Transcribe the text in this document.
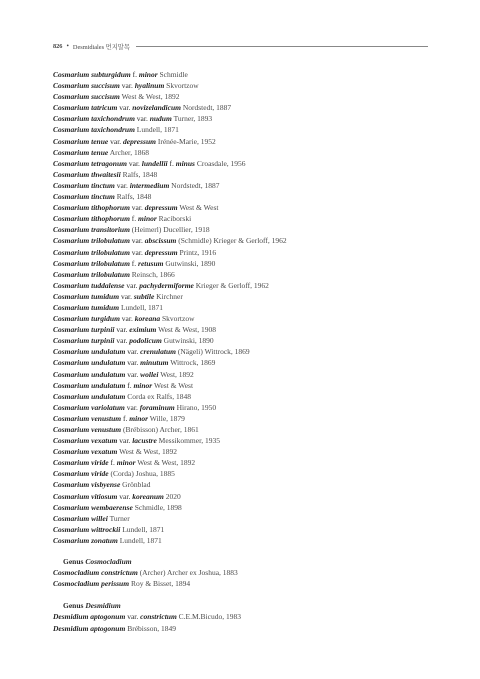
826 • Desmidiales 먼지말목
Cosmarium subturgidum f. minor Schmidle
Cosmarium succisum var. hyalinum Skvortzow
Cosmarium succisum West & West, 1892
Cosmarium tatricum var. novizelandicum Nordstedt, 1887
Cosmarium taxichondrum var. nudum Turner, 1893
Cosmarium taxichondrum Lundell, 1871
Cosmarium tenue var. depressum Irénée-Marie, 1952
Cosmarium tenue Archer, 1868
Cosmarium tetragonum var. lundellii f. minus Croasdale, 1956
Cosmarium thwaitesii Ralfs, 1848
Cosmarium tinctum var. intermedium Nordstedt, 1887
Cosmarium tinctum Ralfs, 1848
Cosmarium tithophorum var. depressum West & West
Cosmarium tithophorum f. minor Raciborski
Cosmarium transitorium (Heimerl) Ducellier, 1918
Cosmarium trilobulatum var. abscissum (Schmidle) Krieger & Gerloff, 1962
Cosmarium trilobulatum var. depressum Printz, 1916
Cosmarium trilobulatum f. retusum Gutwinski, 1890
Cosmarium trilobulatum Reinsch, 1866
Cosmarium tuddalense var. pachydermiforme Krieger & Gerloff, 1962
Cosmarium tumidum var. subtile Kirchner
Cosmarium tumidum Lundell, 1871
Cosmarium turgidum var. koreana Skvortzow
Cosmarium turpinii var. eximium West & West, 1908
Cosmarium turpinii var. podolicum Gutwinski, 1890
Cosmarium undulatum var. crenulatum (Nägeli) Wittrock, 1869
Cosmarium undulatum var. minutum Wittrock, 1869
Cosmarium undulatum var. wollei West, 1892
Cosmarium undulatum f. minor West & West
Cosmarium undulatum Corda ex Ralfs, 1848
Cosmarium variolatum var. foraminum Hirano, 1950
Cosmarium venustum f. minor Wille, 1879
Cosmarium venustum (Brébisson) Archer, 1861
Cosmarium vexatum var. lacustre Messikommer, 1935
Cosmarium vexatum West & West, 1892
Cosmarium viride f. minor West & West, 1892
Cosmarium viride (Corda) Joshua, 1885
Cosmarium visbyense Grönblad
Cosmarium vitiosum var. koreanum 2020
Cosmarium wembaerense Schmidle, 1898
Cosmarium willei Turner
Cosmarium wittrockii Lundell, 1871
Cosmarium zonatum Lundell, 1871
Genus Cosmocladium
Cosmocladium constrictum (Archer) Archer ex Joshua, 1883
Cosmocladium perissum Roy & Bisset, 1894
Genus Desmidium
Desmidium aptogonum var. constrictum C.E.M.Bicudo, 1983
Desmidium aptogonum Brébisson, 1849
